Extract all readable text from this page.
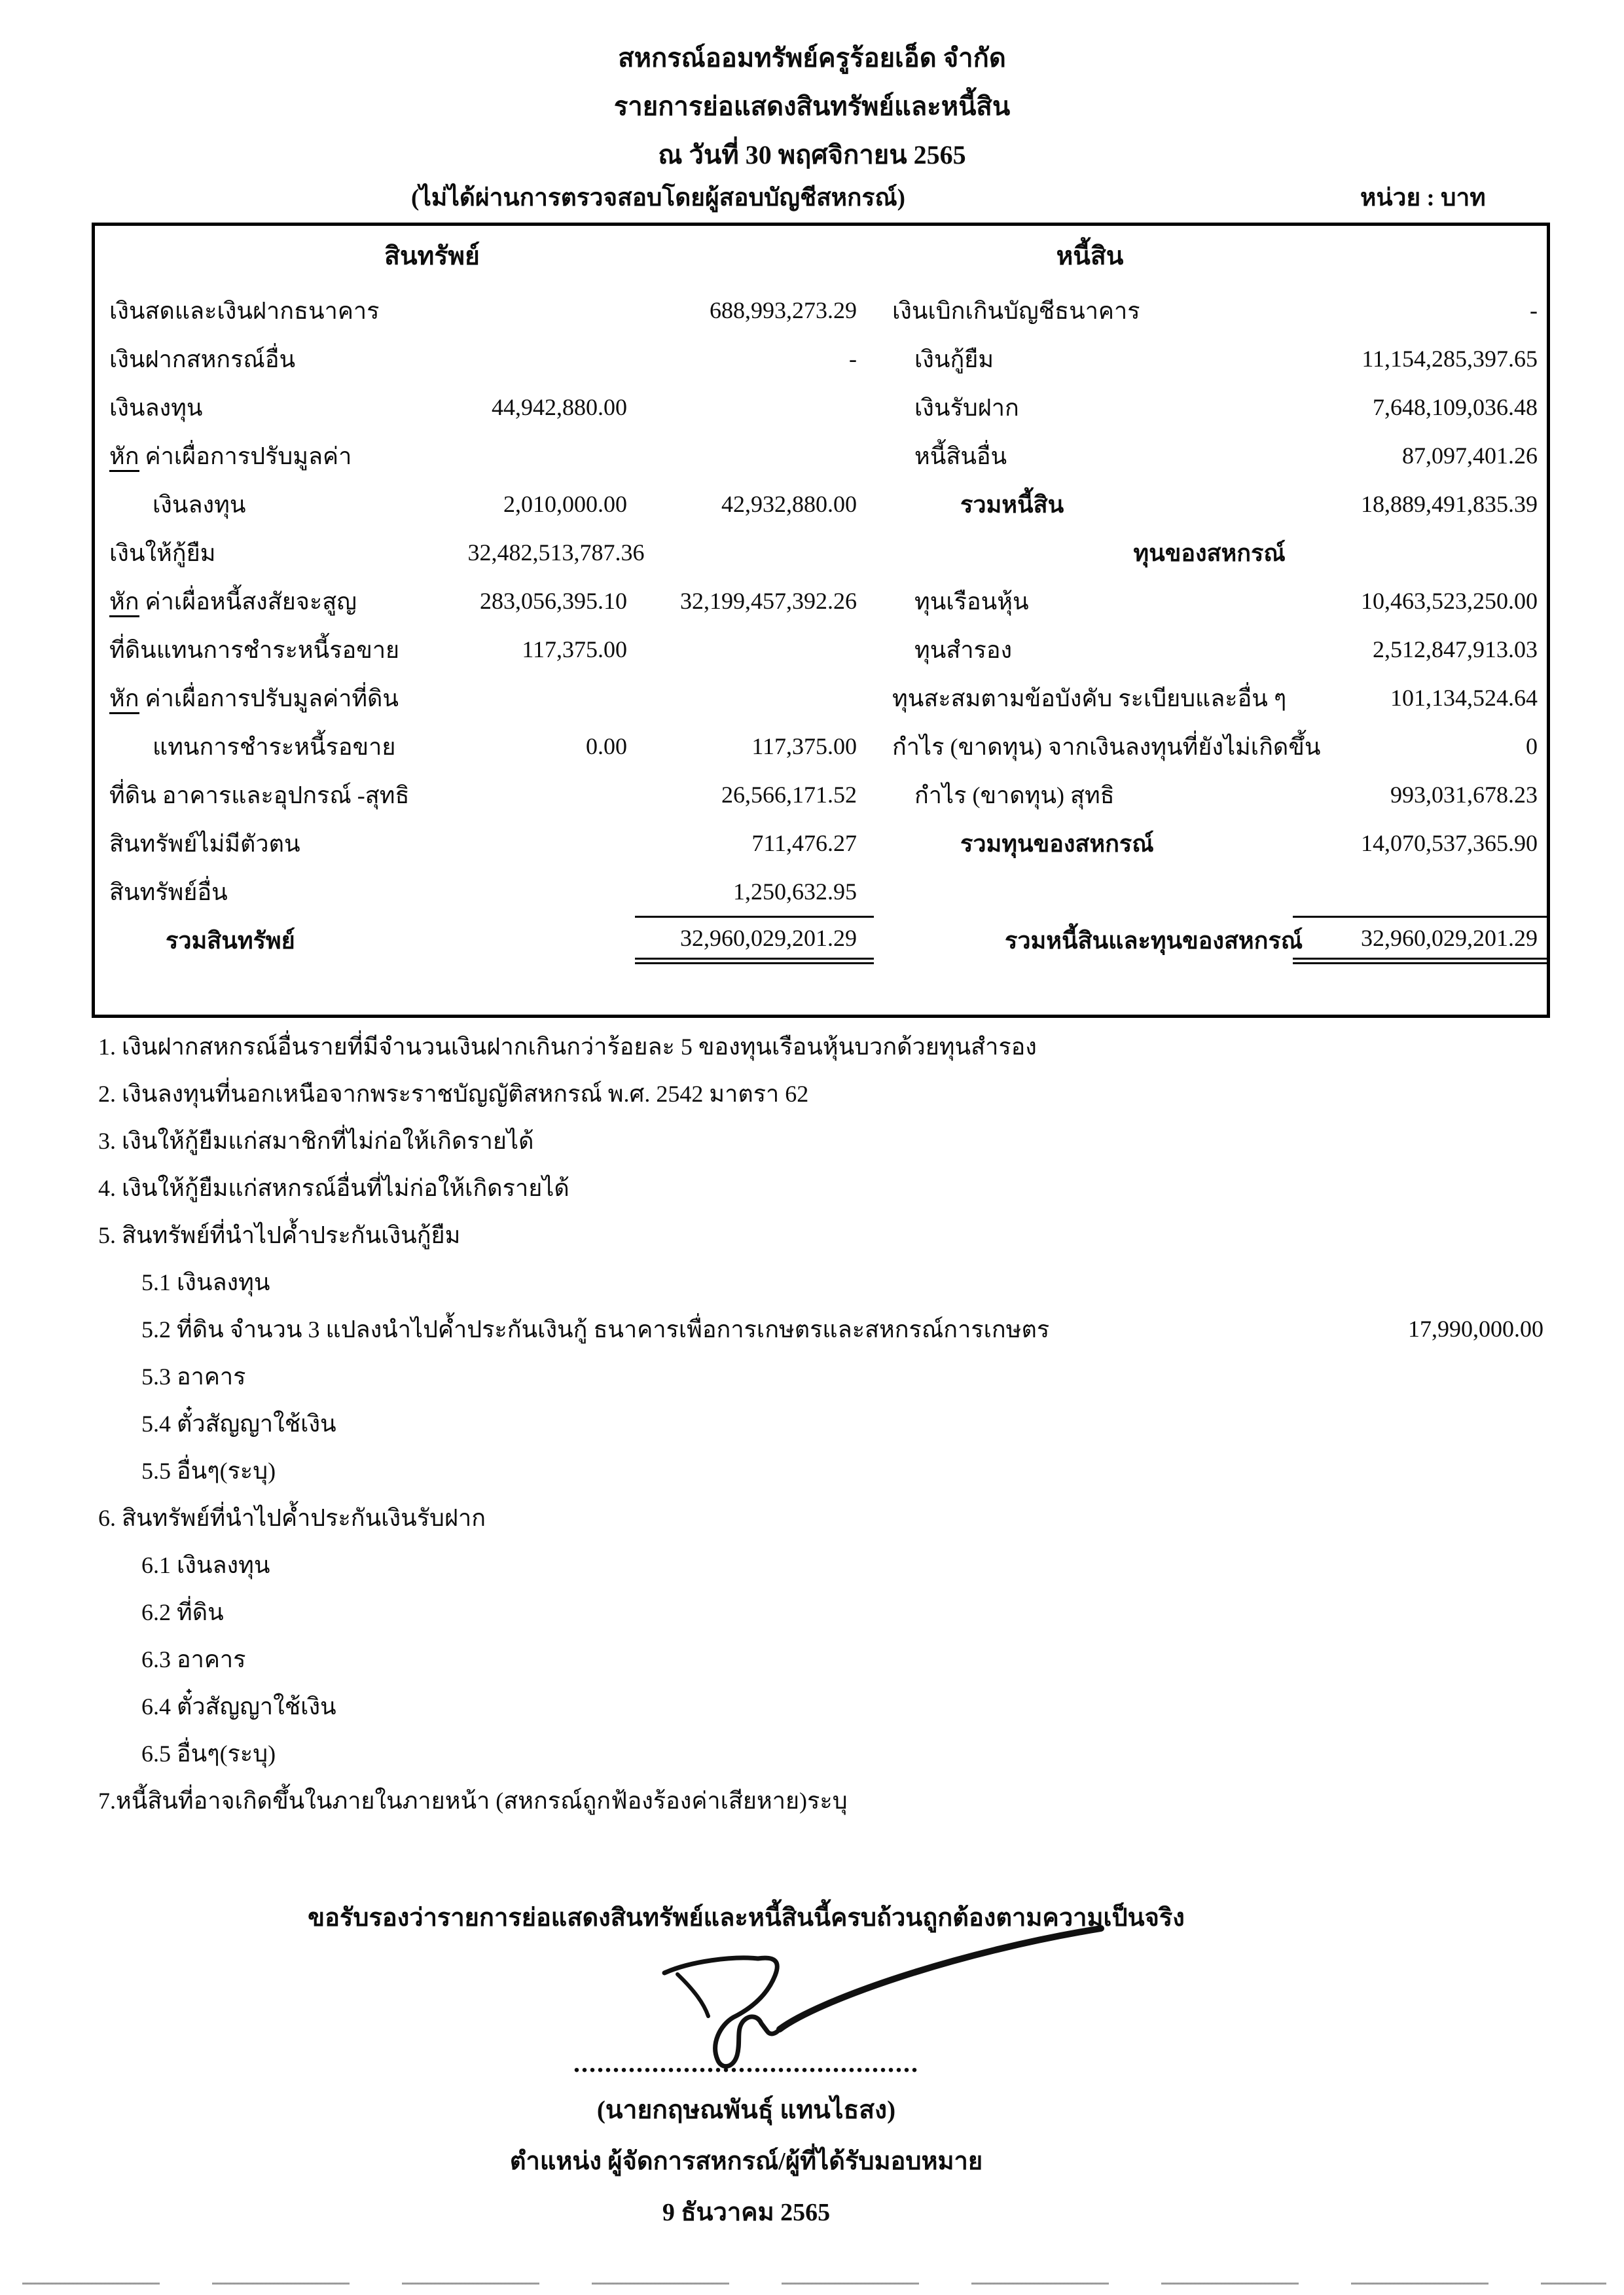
สหกรณ์ออมทรัพย์ครูร้อยเอ็ด จำกัด
รายการย่อแสดงสินทรัพย์และหนี้สิน
ณ วันที่ 30 พฤศจิกายน 2565
(ไม่ได้ผ่านการตรวจสอบโดยผู้สอบบัญชีสหกรณ์)	หน่วย : บาท
สินทรัพย์	หนี้สิน
เงินสดและเงินฝากธนาคาร	688,993,273.29	เงินเบิกเกินบัญชีธนาคาร	-
เงินฝากสหกรณ์อื่น	-	เงินกู้ยืม	11,154,285,397.65
เงินลงทุน	44,942,880.00	เงินรับฝาก	7,648,109,036.48
หัก ค่าเผื่อการปรับมูลค่า	หนี้สินอื่น	87,097,401.26
เงินลงทุน	2,010,000.00	42,932,880.00	รวมหนี้สิน	18,889,491,835.39
เงินให้กู้ยืม	32,482,513,787.36	ทุนของสหกรณ์
หัก ค่าเผื่อหนี้สงสัยจะสูญ	283,056,395.10	32,199,457,392.26	ทุนเรือนหุ้น	10,463,523,250.00
ที่ดินแทนการชำระหนี้รอขาย	117,375.00	ทุนสำรอง	2,512,847,913.03
หัก ค่าเผื่อการปรับมูลค่าที่ดิน	ทุนสะสมตามข้อบังคับ ระเบียบและอื่น ๆ	101,134,524.64
แทนการชำระหนี้รอขาย	0.00	117,375.00	กำไร (ขาดทุน) จากเงินลงทุนที่ยังไม่เกิดขึ้น	0
ที่ดิน อาคารและอุปกรณ์ -สุทธิ	26,566,171.52	กำไร (ขาดทุน) สุทธิ	993,031,678.23
สินทรัพย์ไม่มีตัวตน	711,476.27	รวมทุนของสหกรณ์	14,070,537,365.90
สินทรัพย์อื่น	1,250,632.95
รวมสินทรัพย์	32,960,029,201.29	รวมหนี้สินและทุนของสหกรณ์	32,960,029,201.29
1. เงินฝากสหกรณ์อื่นรายที่มีจำนวนเงินฝากเกินกว่าร้อยละ 5 ของทุนเรือนหุ้นบวกด้วยทุนสำรอง
2. เงินลงทุนที่นอกเหนือจากพระราชบัญญัติสหกรณ์ พ.ศ. 2542 มาตรา 62
3. เงินให้กู้ยืมแก่สมาชิกที่ไม่ก่อให้เกิดรายได้
4. เงินให้กู้ยืมแก่สหกรณ์อื่นที่ไม่ก่อให้เกิดรายได้
5. สินทรัพย์ที่นำไปค้ำประกันเงินกู้ยืม
5.1 เงินลงทุน
5.2 ที่ดิน จำนวน 3 แปลงนำไปค้ำประกันเงินกู้ ธนาคารเพื่อการเกษตรและสหกรณ์การเกษตร	17,990,000.00
5.3 อาคาร
5.4 ตั๋วสัญญาใช้เงิน
5.5 อื่นๆ(ระบุ)
6. สินทรัพย์ที่นำไปค้ำประกันเงินรับฝาก
6.1 เงินลงทุน
6.2 ที่ดิน
6.3 อาคาร
6.4 ตั๋วสัญญาใช้เงิน
6.5 อื่นๆ(ระบุ)
7.หนี้สินที่อาจเกิดขึ้นในภายในภายหน้า (สหกรณ์ถูกฟ้องร้องค่าเสียหาย)ระบุ
ขอรับรองว่ารายการย่อแสดงสินทรัพย์และหนี้สินนี้ครบถ้วนถูกต้องตามความเป็นจริง
............................................
(นายกฤษณพันธุ์ แทนไธสง)
ตำแหน่ง ผู้จัดการสหกรณ์/ผู้ที่ได้รับมอบหมาย
9 ธันวาคม 2565
